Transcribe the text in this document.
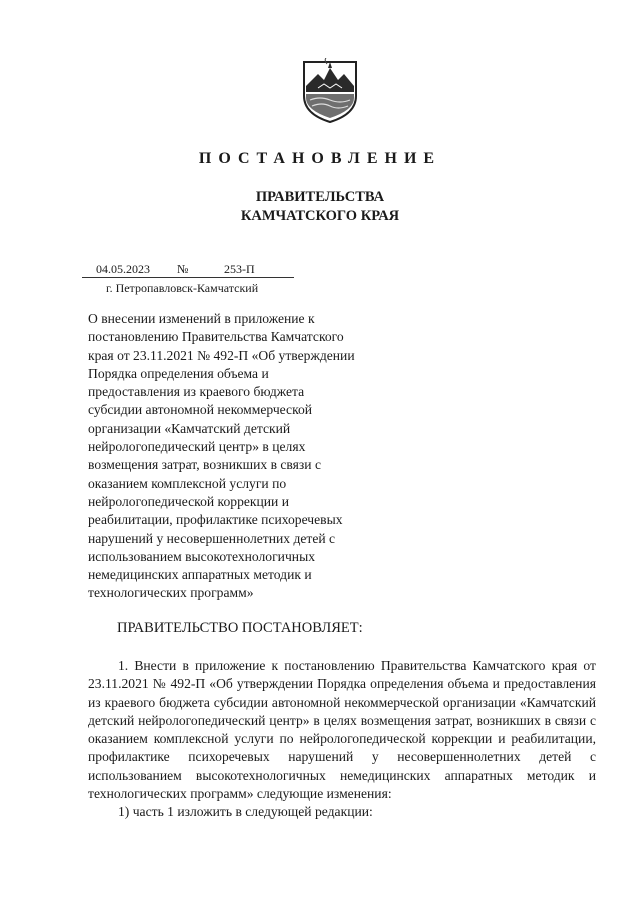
ПОСТАНОВЛЕНИЕ
ПРАВИТЕЛЬСТВА
КАМЧАТСКОГО КРАЯ
04.05.2023 №	253-П
г. Петропавловск-Камчатский
О внесении изменений в приложение к
постановлению Правительства Камчатского
края от 23.11.2021 № 492-П «Об утверждении
Порядка определения объема и
предоставления из краевого бюджета
субсидии автономной некоммерческой
организации «Камчатский детский
нейрологопедический центр» в целях
возмещения затрат, возникших в связи с
оказанием комплексной услуги по
нейрологопедической коррекции и
реабилитации, профилактике психоречевых
нарушений у несовершеннолетних детей с
использованием высокотехнологичных
немедицинских аппаратных методик и
технологических программ»
ПРАВИТЕЛЬСТВО ПОСТАНОВЛЯЕТ:

1. Внести в приложение к постановлению Правительства Камчатского края от 23.11.2021 № 492-П «Об утверждении Порядка определения объема и предоставления из краевого бюджета субсидии автономной некоммерческой организации «Камчатский детский нейрологопедический центр» в целях возмещения затрат, возникших в связи с оказанием комплексной услуги по нейрологопедической коррекции и реабилитации, профилактике психоречевых нарушений у несовершеннолетних детей с использованием высокотехнологичных немедицинских аппаратных методик и технологических программ» следующие изменения:

1) часть 1 изложить в следующей редакции:
